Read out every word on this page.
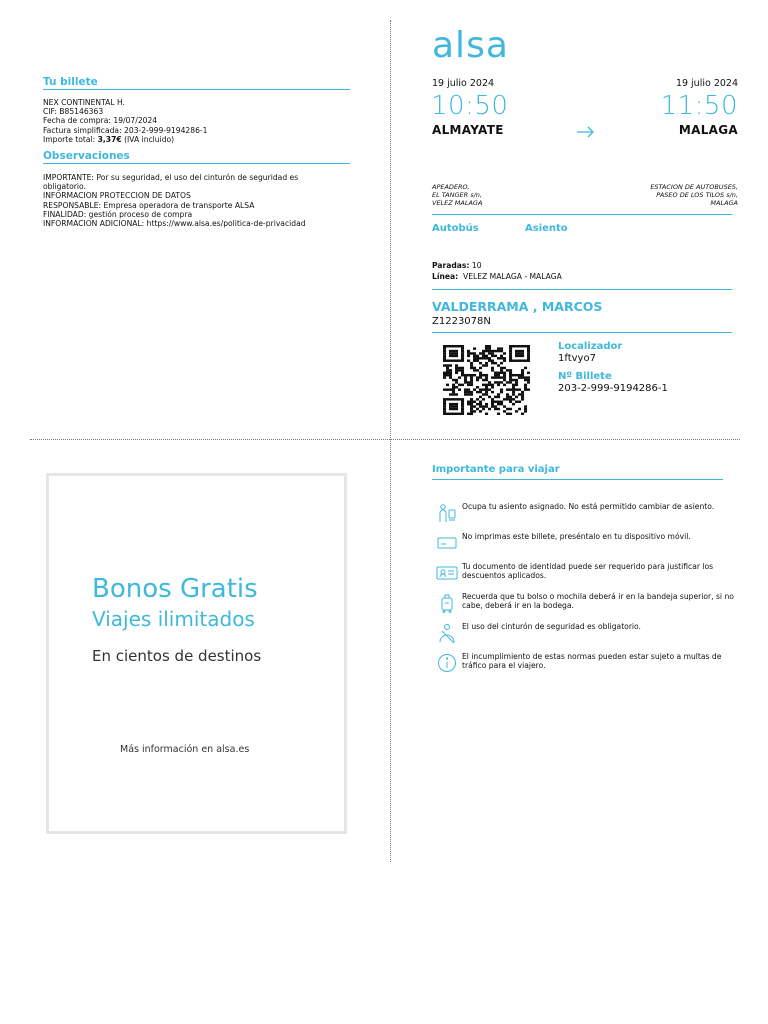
Tu billete
NEX CONTINENTAL H.
CIF: B85146363
Fecha de compra: 19/07/2024
Factura simplificada: 203-2-999-9194286-1
Importe total: 3,37€ (IVA incluido)
Observaciones
IMPORTANTE: Por su seguridad, el uso del cinturón de seguridad es
obligatorio.
INFORMACION PROTECCION DE DATOS
RESPONSABLE: Empresa operadora de transporte ALSA
FINALIDAD: gestión proceso de compra
INFORMACION ADICIONAL: https://www.alsa.es/politica-de-privacidad
alsa
19 julio 2024	19 julio 2024
10:50	11:50
ALMAYATE	MALAGA
APEADERO,
EL TANGER s/n,
VELEZ MALAGA
ESTACION DE AUTOBUSES,
PASEO DE LOS TILOS s/n,
MALAGA
Autobús	Asiento
Paradas: 10
Línea: VELEZ MALAGA - MALAGA
VALDERRAMA , MARCOS
Z1223078N
Localizador
1ftvyo7
Nº Billete
203-2-999-9194286-1
Bonos Gratis
Viajes ilimitados
En cientos de destinos
Más información en alsa.es
Importante para viajar
Ocupa tu asiento asignado. No está permitido cambiar de asiento.
No imprimas este billete, preséntalo en tu dispositivo móvil.
Tu documento de identidad puede ser requerido para justificar los descuentos aplicados.
Recuerda que tu bolso o mochila deberá ir en la bandeja superior, si no cabe, deberá ir en la bodega.
El uso del cinturón de seguridad es obligatorio.
El incumplimiento de estas normas pueden estar sujeto a multas de tráfico para el viajero.
